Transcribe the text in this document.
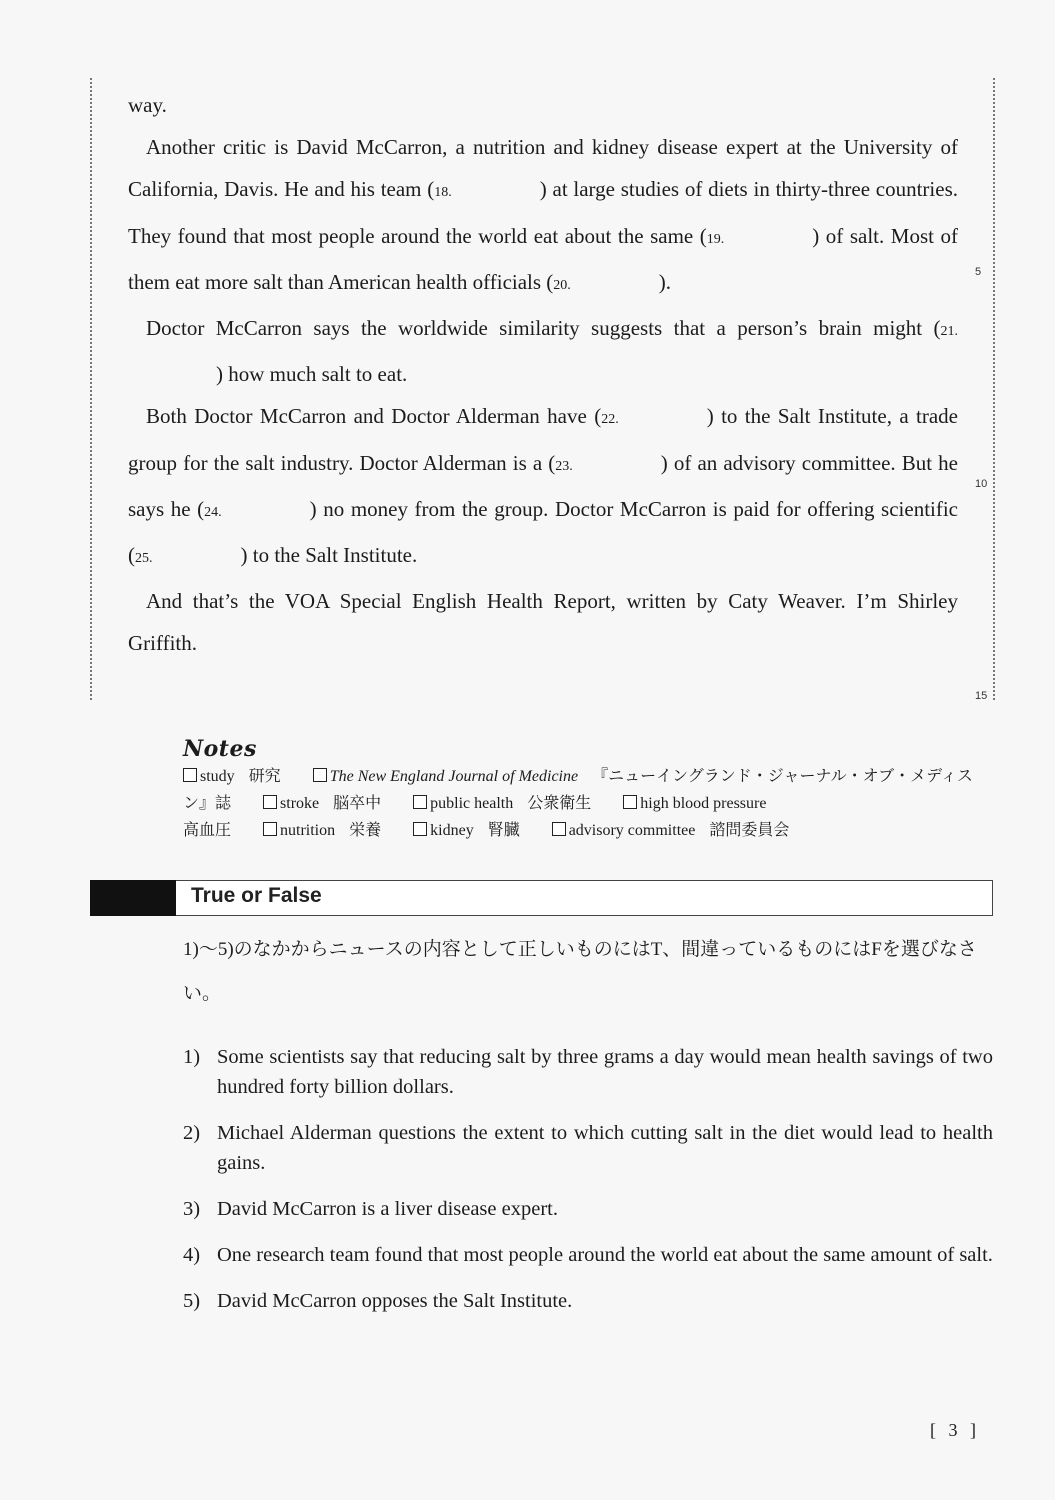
way.

Another critic is David McCarron, a nutrition and kidney disease expert at the University of California, Davis. He and his team (18.	) at large studies of diets in thirty-three countries. They found that most people around the world eat about the same (19.	) of salt. Most of them eat more salt than American health officials (20.	).

Doctor McCarron says the worldwide similarity suggests that a person’s brain might (21.) how much salt to eat.

Both Doctor McCarron and Doctor Alderman have (22.	) to the Salt Institute, a trade group for the salt industry. Doctor Alderman is a (23.	) of an advisory committee. But he says he (24.	) no money from the group. Doctor McCarron is paid for offering scientific (25.	) to the Salt Institute.

And that’s the VOA Special English Health Report, written by Caty Weaver. I’m Shirley Griffith.

5
10
15
Notes
study 研究	The New England Journal of Medicine 『ニューイングランド・ジャーナル・オブ・メディスン』誌	stroke 脳卒中	public health 公衆衛生	high blood pressure
高血圧	nutrition 栄養	kidney 腎臓	advisory committee 諮問委員会
True or False
1)〜5)のなかからニュースの内容として正しいものにはT、間違っているものにはFを選びなさい。
1) Some scientists say that reducing salt by three grams a day would mean health savings of two hundred forty billion dollars.
2) Michael Alderman questions the extent to which cutting salt in the diet would lead to health gains.
3) David McCarron is a liver disease expert.
4) One research team found that most people around the world eat about the same amount of salt.
5) David McCarron opposes the Salt Institute.
[ 3 ]
